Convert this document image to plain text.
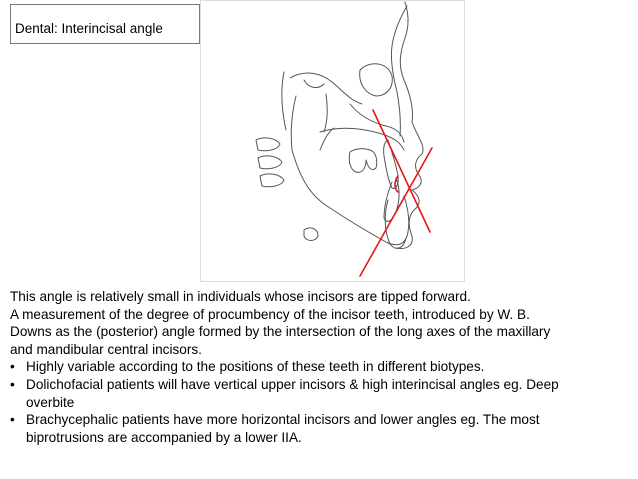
Dental: Interincisal angle

This angle is relatively small in individuals whose incisors are tipped forward.

A measurement of the degree of procumbency of the incisor teeth, introduced by W. B.

Downs as the (posterior) angle formed by the intersection of the long axes of the maxillary

and mandibular central incisors.

• Highly variable according to the positions of these teeth in different biotypes.
• Dolichofacial patients will have vertical upper incisors & high interincisal angles eg. Deep
overbite
• Brachycephalic patients have more horizontal incisors and lower angles eg. The most
biprotrusions are accompanied by a lower IIA.
